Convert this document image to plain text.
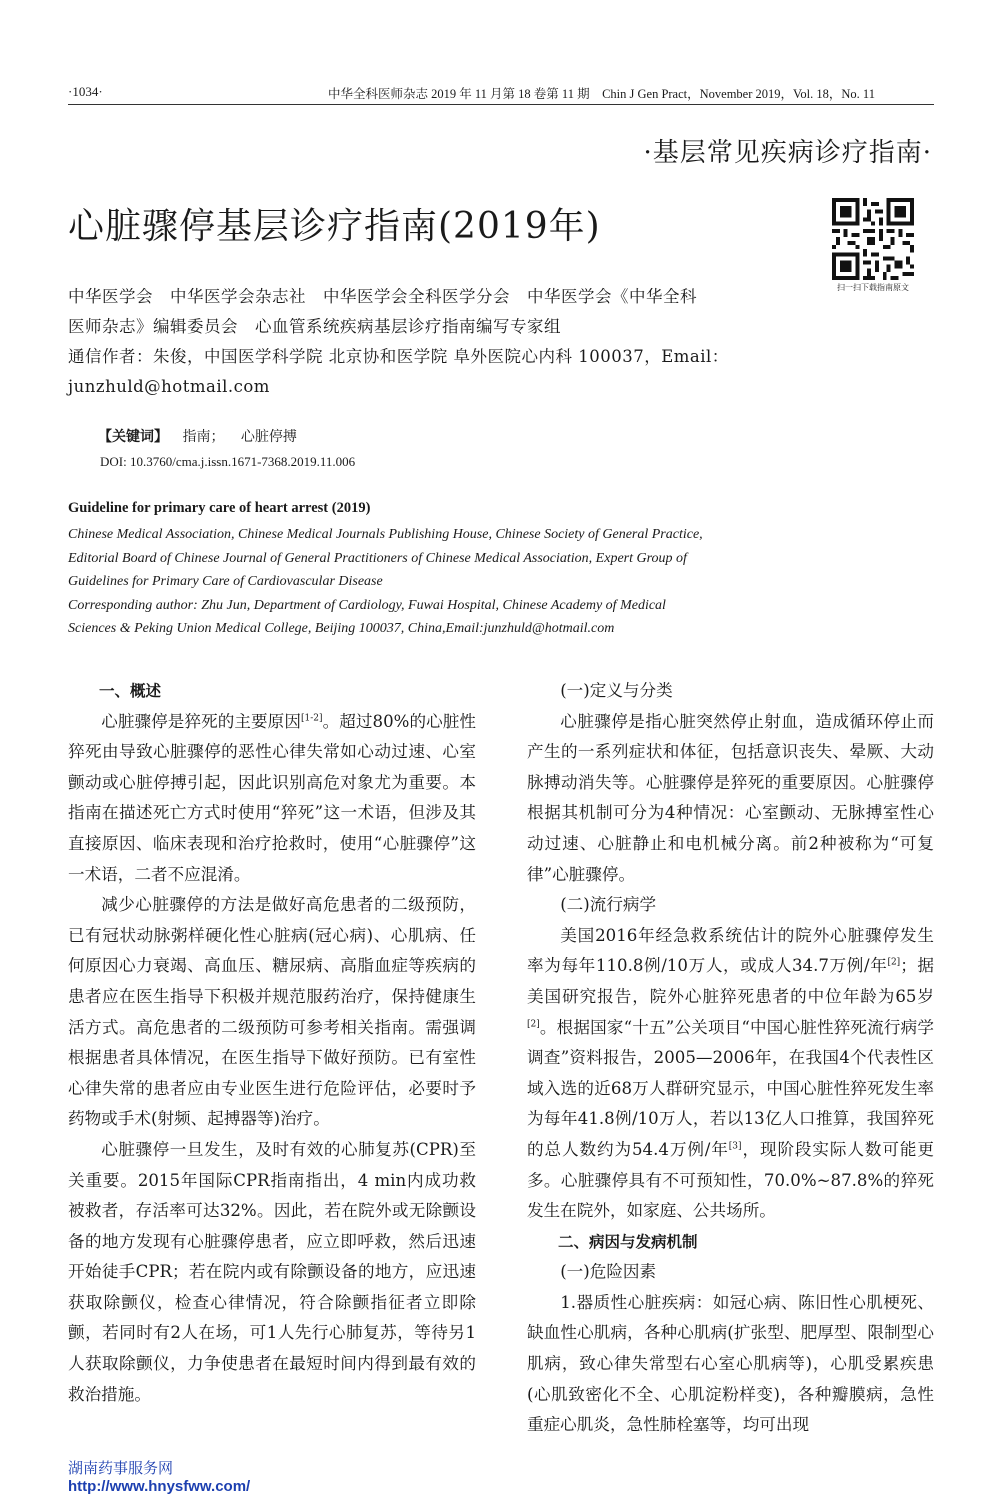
·1034·	中华全科医师杂志 2019 年 11 月第 18 卷第 11 期　Chin J Gen Pract，November 2019，Vol. 18，No. 11
·基层常见疾病诊疗指南·
心脏骤停基层诊疗指南(2019年)
扫一扫下载指南原文

中华医学会　中华医学会杂志社　中华医学会全科医学分会　中华医学会《中华全科

医师杂志》编辑委员会　心血管系统疾病基层诊疗指南编写专家组

通信作者：朱俊，中国医学科学院 北京协和医学院 阜外医院心内科 100037，Email：

junzhuld@hotmail.com

【关键词】 指南； 心脏停搏
DOI: 10.3760/cma.j.issn.1671-7368.2019.11.006
Guideline for primary care of heart arrest (2019)

Chinese Medical Association, Chinese Medical Journals Publishing House, Chinese Society of General Practice,

Editorial Board of Chinese Journal of General Practitioners of Chinese Medical Association, Expert Group of

Guidelines for Primary Care of Cardiovascular Disease

Corresponding author: Zhu Jun, Department of Cardiology, Fuwai Hospital, Chinese Academy of Medical

Sciences & Peking Union Medical College, Beijing 100037, China,Email:junzhuld@hotmail.com

一、概述

心脏骤停是猝死的主要原因[1-2]。超过80%的心脏性猝死由导致心脏骤停的恶性心律失常如心动过速、心室颤动或心脏停搏引起，因此识别高危对象尤为重要。本指南在描述死亡方式时使用“猝死”这一术语，但涉及其直接原因、临床表现和治疗抢救时，使用“心脏骤停”这一术语，二者不应混淆。

减少心脏骤停的方法是做好高危患者的二级预防，已有冠状动脉粥样硬化性心脏病(冠心病)、心肌病、任何原因心力衰竭、高血压、糖尿病、高脂血症等疾病的患者应在医生指导下积极并规范服药治疗，保持健康生活方式。高危患者的二级预防可参考相关指南。需强调根据患者具体情况，在医生指导下做好预防。已有室性心律失常的患者应由专业医生进行危险评估，必要时予药物或手术(射频、起搏器等)治疗。

心脏骤停一旦发生，及时有效的心肺复苏(CPR)至关重要。2015年国际CPR指南指出，4 min内成功救被救者，存活率可达32%。因此，若在院外或无除颤设备的地方发现有心脏骤停患者，应立即呼救，然后迅速开始徒手CPR；若在院内或有除颤设备的地方，应迅速获取除颤仪，检查心律情况，符合除颤指征者立即除颤，若同时有2人在场，可1人先行心肺复苏，等待另1人获取除颤仪，力争使患者在最短时间内得到最有效的救治措施。

(一)定义与分类

心脏骤停是指心脏突然停止射血，造成循环停止而产生的一系列症状和体征，包括意识丧失、晕厥、大动脉搏动消失等。心脏骤停是猝死的重要原因。心脏骤停根据其机制可分为4种情况：心室颤动、无脉搏室性心动过速、心脏静止和电机械分离。前2种被称为“可复律”心脏骤停。

(二)流行病学

美国2016年经急救系统估计的院外心脏骤停发生率为每年110.8例/10万人，或成人34.7万例/年[2]；据美国研究报告，院外心脏猝死患者的中位年龄为65岁[2]。根据国家“十五”公关项目“中国心脏性猝死流行病学调查”资料报告，2005—2006年，在我国4个代表性区域入选的近68万人群研究显示，中国心脏性猝死发生率为每年41.8例/10万人，若以13亿人口推算，我国猝死的总人数约为54.4万例/年[3]，现阶段实际人数可能更多。心脏骤停具有不可预知性，70.0%~87.8%的猝死发生在院外，如家庭、公共场所。

二、病因与发病机制

(一)危险因素

1.器质性心脏疾病：如冠心病、陈旧性心肌梗死、缺血性心肌病，各种心肌病(扩张型、肥厚型、限制型心肌病，致心律失常型右心室心肌病等)，心肌受累疾患(心肌致密化不全、心肌淀粉样变)，各种瓣膜病，急性重症心肌炎，急性肺栓塞等，均可出现

湖南药事服务网
http://www.hnysfww.com/
